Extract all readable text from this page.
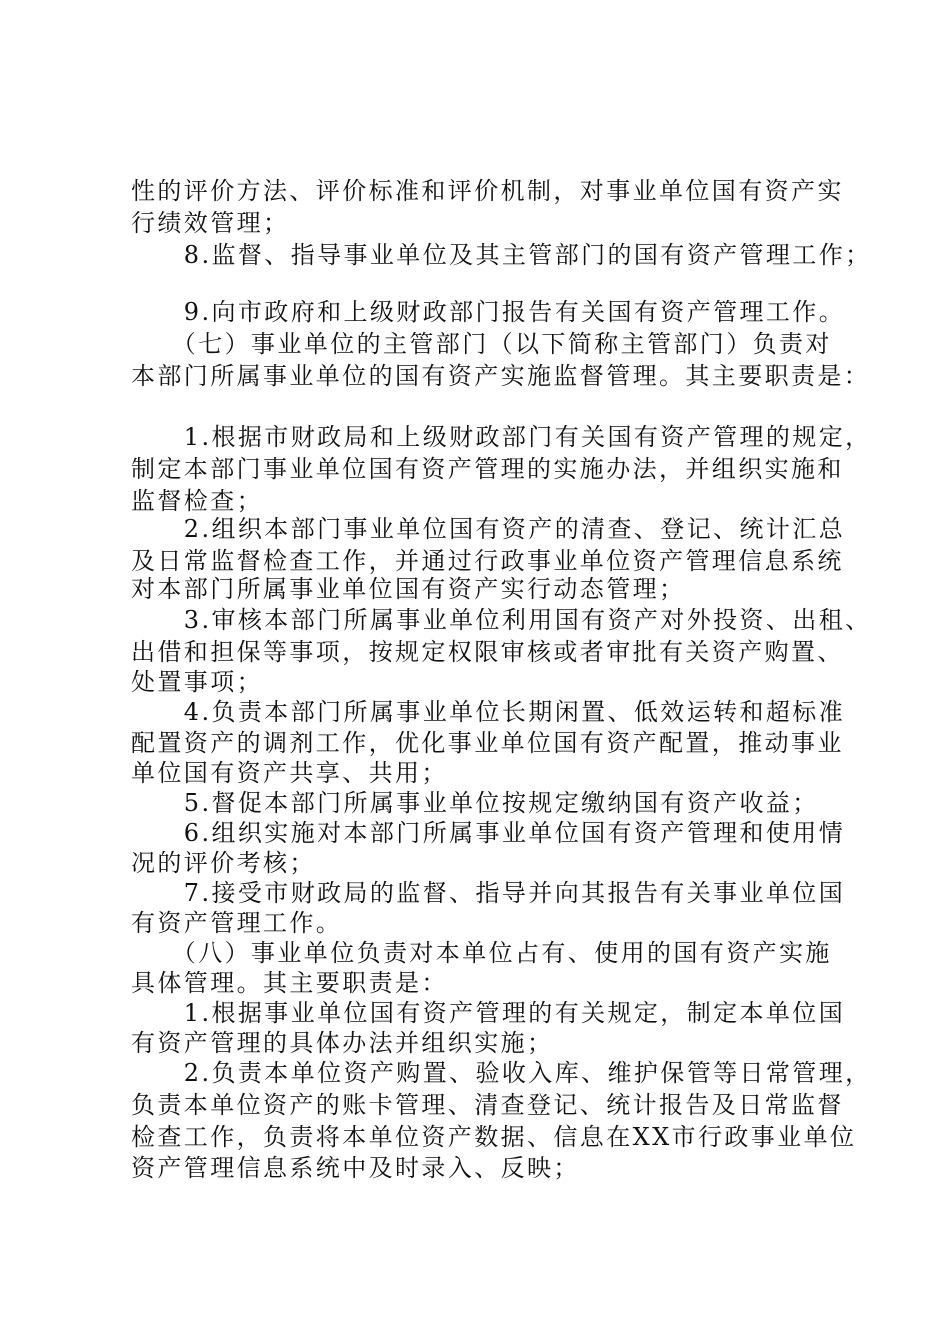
性的评价方法、评价标准和评价机制，对事业单位国有资产实
行绩效管理；
　　8.监督、指导事业单位及其主管部门的国有资产管理工作；
　　9.向市政府和上级财政部门报告有关国有资产管理工作。
　　（七）事业单位的主管部门（以下简称主管部门）负责对
本部门所属事业单位的国有资产实施监督管理。其主要职责是：
　　1.根据市财政局和上级财政部门有关国有资产管理的规定，
制定本部门事业单位国有资产管理的实施办法，并组织实施和
监督检查；
　　2.组织本部门事业单位国有资产的清查、登记、统计汇总
及日常监督检查工作，并通过行政事业单位资产管理信息系统
对本部门所属事业单位国有资产实行动态管理；
　　3.审核本部门所属事业单位利用国有资产对外投资、出租、
出借和担保等事项，按规定权限审核或者审批有关资产购置、
处置事项；
　　4.负责本部门所属事业单位长期闲置、低效运转和超标准
配置资产的调剂工作，优化事业单位国有资产配置，推动事业
单位国有资产共享、共用；
　　5.督促本部门所属事业单位按规定缴纳国有资产收益；
　　6.组织实施对本部门所属事业单位国有资产管理和使用情
况的评价考核；
　　7.接受市财政局的监督、指导并向其报告有关事业单位国
有资产管理工作。
　　（八）事业单位负责对本单位占有、使用的国有资产实施
具体管理。其主要职责是：
　　1.根据事业单位国有资产管理的有关规定，制定本单位国
有资产管理的具体办法并组织实施；
　　2.负责本单位资产购置、验收入库、维护保管等日常管理，
负责本单位资产的账卡管理、清查登记、统计报告及日常监督
检查工作，负责将本单位资产数据、信息在XX市行政事业单位
资产管理信息系统中及时录入、反映；
